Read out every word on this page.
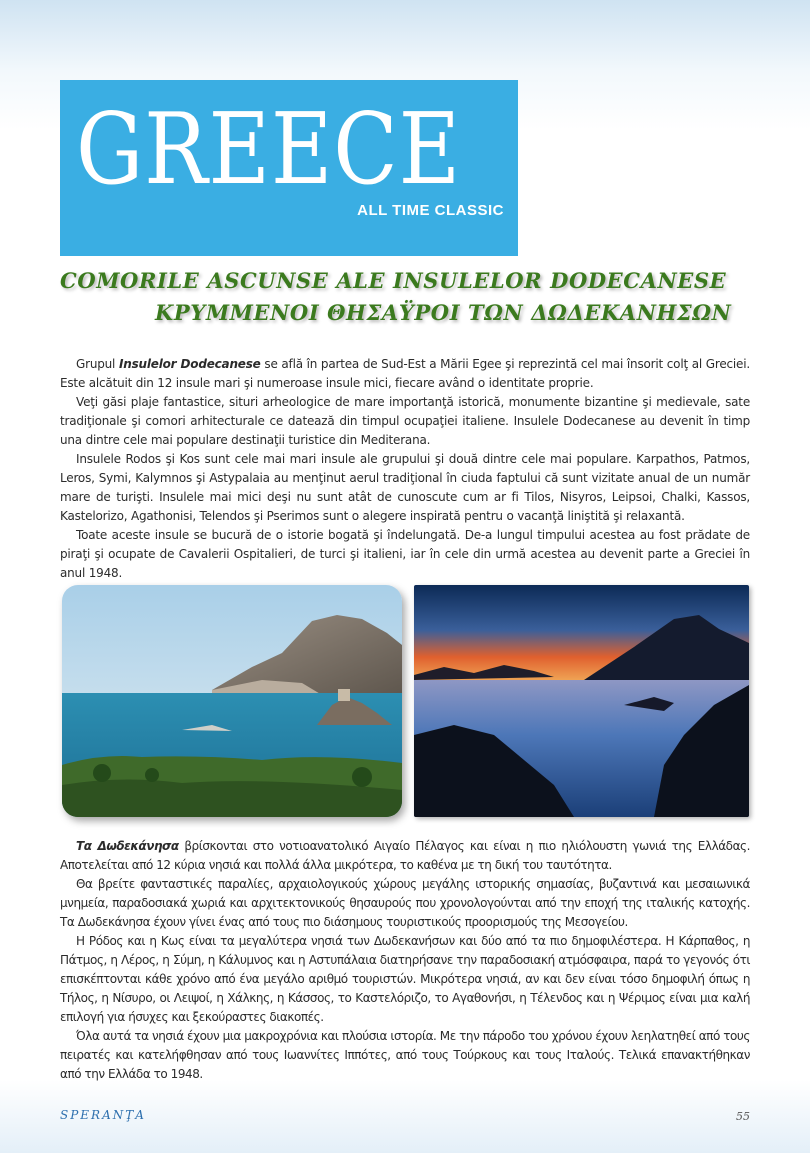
GREECE
ALL TIME CLASSIC
COMORILE ASCUNSE ALE INSULELOR DODECANESE
ΚΡΥΜΜΕΝΟΙ ΘΗΣΑΫΡΟΙ ΤΩΝ ΔΩΔΕΚΑΝΗΣΩΝ

Grupul Insulelor Dodecanese se află în partea de Sud-Est a Mării Egee şi reprezintă cel mai însorit colţ al Greciei. Este alcătuit din 12 insule mari şi numeroase insule mici, fiecare având o identitate proprie.

Veţi găsi plaje fantastice, situri arheologice de mare importanţă istorică, monumente bizantine şi medievale, sate tradiţionale şi comori arhitecturale ce datează din timpul ocupaţiei italiene. Insulele Dodecanese au devenit în timp una dintre cele mai populare destinaţii turistice din Mediterana.

Insulele Rodos şi Kos sunt cele mai mari insule ale grupului şi două dintre cele mai populare. Karpathos, Patmos, Leros, Symi, Kalymnos şi Astypalaia au menţinut aerul tradiţional în ciuda faptului că sunt vizitate anual de un număr mare de turişti. Insulele mai mici deşi nu sunt atât de cunoscute cum ar fi Tilos, Nisyros, Leipsoi, Chalki, Kassos, Kastelorizo, Agathonisi, Telendos şi Pserimos sunt o alegere inspirată pentru o vacanţă liniştită şi relaxantă.

Toate aceste insule se bucură de o istorie bogată şi îndelungată. De-a lungul timpului acestea au fost prădate de piraţi şi ocupate de Cavalerii Ospitalieri, de turci şi italieni, iar în cele din urmă acestea au devenit parte a Greciei în anul 1948.

Τα Δωδεκάνησα βρίσκονται στο νοτιοανατολικό Αιγαίο Πέλαγος και είναι η πιο ηλιόλουστη γωνιά της Ελλάδας. Αποτελείται από 12 κύρια νησιά και πολλά άλλα μικρότερα, το καθένα με τη δική του ταυτότητα.

Θα βρείτε φανταστικές παραλίες, αρχαιολογικούς χώρους μεγάλης ιστορικής σημασίας, βυζαντινά και μεσαιωνικά μνημεία, παραδοσιακά χωριά και αρχιτεκτονικούς θησαυρούς που χρονολογούνται από την εποχή της ιταλικής κατοχής. Τα Δωδεκάνησα έχουν γίνει ένας από τους πιο διάσημους τουριστικούς προορισμούς της Μεσογείου.

Η Ρόδος και η Κως είναι τα μεγαλύτερα νησιά των Δωδεκανήσων και δύο από τα πιο δημοφιλέστερα. Η Κάρπαθος, η Πάτμος, η Λέρος, η Σύμη, η Κάλυμνος και η Αστυπάλαια διατηρήσανε την παραδοσιακή ατμόσφαιρα, παρά το γεγονός ότι επισκέπτονται κάθε χρόνο από ένα μεγάλο αριθμό τουριστών. Μικρότερα νησιά, αν και δεν είναι τόσο δημοφιλή όπως η Τήλος, η Νίσυρο, οι Λειψοί, η Χάλκης, η Κάσσος, το Καστελόριζο, το Αγαθονήσι, η Τέλενδος και η Ψέριμος είναι μια καλή επιλογή για ήσυχες και ξεκούραστες διακοπές.

Όλα αυτά τα νησιά έχουν μια μακροχρόνια και πλούσια ιστορία. Με την πάροδο του χρόνου έχουν λεηλατηθεί από τους πειρατές και κατελήφθησαν από τους Ιωαννίτες Ιππότες, από τους Τούρκους και τους Ιταλούς. Τελικά επανακτήθηκαν από την Ελλάδα το 1948.

SPERANŢA	55
